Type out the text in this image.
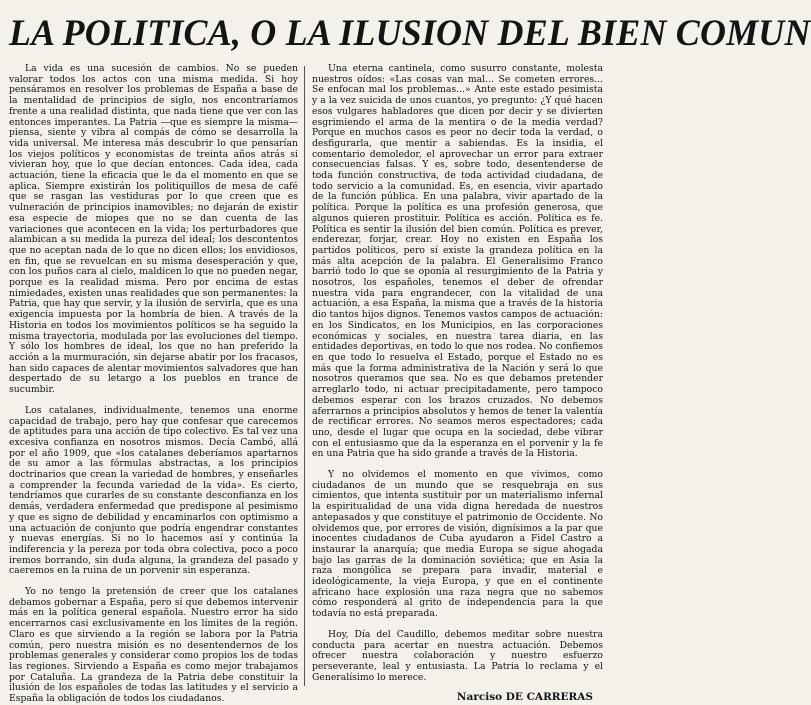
LA POLITICA, O LA ILUSION DEL BIEN COMUN

La vida es una sucesión de cambios. No se pueden valorar todos los actos con una misma medida. Si hoy pensáramos en resolver los problemas de España a base de la mentalidad de principios de siglo, nos encontraríamos frente a una realidad distinta, que nada tiene que ver con las entonces imperantes. La Patria —que es siempre la misma— piensa, siente y vibra al compás de cómo se desarrolla la vida universal. Me interesa más descubrir lo que pensarían los viejos políticos y economistas de treinta años atrás si vivieran hoy, que lo que decían entonces. Cada idea, cada actuación, tiene la eficacia que le da el momento en que se aplica. Siempre existirán los politiquillos de mesa de café que se rasgan las vestiduras por lo que creen que es vulneración de principios inamovibles; no dejarán de existir esa especie de miopes que no se dan cuenta de las variaciones que acontecen en la vida; los perturbadores que alambican a su medida la pureza del ideal; los descontentos que no aceptan nada de lo que no dicen ellos; los envidiosos, en fin, que se revuelcan en su misma desesperación y que, con los puños cara al cielo, maldicen lo que no pueden negar, porque es la realidad misma. Pero por encima de estas nimiedades, existen unas realidades que son permanentes: la Patria, que hay que servir, y la ilusión de servirla, que es una exigencia impuesta por la hombría de bien. A través de la Historia en todos los movimientos políticos se ha seguido la misma trayectoria, modulada por las evoluciones del tiempo. Y sólo los hombres de ideal, los que no han preferido la acción a la murmuración, sin dejarse abatir por los fracasos, han sido capaces de alentar movimientos salvadores que han despertado de su letargo a los pueblos en trance de sucumbir.

Los catalanes, individualmente, tenemos una enorme capacidad de trabajo, pero hay que confesar que carecemos de aptitudes para una acción de tipo colectivo. Es tal vez una excesiva confianza en nosotros mismos. Decía Cambó, allá por el año 1909, que «los catalanes deberíamos apartarnos de su amor a las fórmulas abstractas, a los principios doctrinarios que crean la variedad de hombres, y enseñarles a comprender la fecunda variedad de la vida». Es cierto, tendríamos que curarles de su constante desconfianza en los demás, verdadera enfermedad que predispone al pesimismo y que es signo de debilidad y encaminarlos con optimismo a una actuación de conjunto que podría engendrar constantes y nuevas energías. Si no lo hacemos así y continúa la indiferencia y la pereza por toda obra colectiva, poco a poco iremos borrando, sin duda alguna, la grandeza del pasado y caeremos en la ruina de un porvenir sin esperanza.

Yo no tengo la pretensión de creer que los catalanes debamos gobernar a España, pero sí que debemos intervenir más en la política general española. Nuestro error ha sido encerrarnos casi exclusivamente en los límites de la región. Claro es que sirviendo a la región se labora por la Patria común, pero nuestra misión es no desentendernos de los problemas generales y considerar como propios los de todas las regiones. Sirviendo a España es como mejor trabajamos por Cataluña. La grandeza de la Patria debe constituir la ilusión de los españoles de todas las latitudes y el servicio a España la obligación de todos los ciudadanos.

Una eterna cantinela, como susurro constante, molesta nuestros oídos: «Las cosas van mal... Se cometen errores... Se enfocan mal los problemas...» Ante este estado pesimista y a la vez suicida de unos cuantos, yo pregunto: ¿Y qué hacen esos vulgares habladores que dicen por decir y se divierten esgrimiendo el arma de la mentira o de la media verdad? Porque en muchos casos es peor no decir toda la verdad, o desfigurarla, que mentir a sabiendas. Es la insidia, el comentario demoledor, el aprovechar un error para extraer consecuencias falsas. Y es, sobre todo, desentenderse de toda función constructiva, de toda actividad ciudadana, de todo servicio a la comunidad. Es, en esencia, vivir apartado de la función pública. En una palabra, vivir apartado de la política. Porque la política es una profesión generosa, que algunos quieren prostituir. Política es acción. Política es fe. Política es sentir la ilusión del bien común. Política es prever, enderezar, forjar, crear. Hoy no existen en España los partidos políticos, pero sí existe la grandeza política en la más alta acepción de la palabra. El Generalísimo Franco barrió todo lo que se oponía al resurgimiento de la Patria y nosotros, los españoles, tenemos el deber de ofrendar nuestra vida para engrandecer, con la vitalidad de una actuación, a esa España, la misma que a través de la historia dio tantos hijos dignos. Tenemos vastos campos de actuación: en los Sindicatos, en los Municipios, en las corporaciones económicas y sociales, en nuestra tarea diaria, en las entidades deportivas, en todo lo que nos rodea. No confiemos en que todo lo resuelva el Estado, porque el Estado no es más que la forma administrativa de la Nación y será lo que nosotros queramos que sea. No es que debamos pretender arreglarlo todo, ni actuar precipitadamente, pero tampoco debemos esperar con los brazos cruzados. No debemos aferrarnos a principios absolutos y hemos de tener la valentía de rectificar errores. No seamos meros espectadores; cada uno, desde el lugar que ocupa en la sociedad, debe vibrar con el entusiasmo que da la esperanza en el porvenir y la fe en una Patria que ha sido grande a través de la Historia.

Y no olvidemos el momento en que vivimos, como ciudadanos de un mundo que se resquebraja en sus cimientos, que intenta sustituir por un materialismo infernal la espiritualidad de una vida digna heredada de nuestros antepasados y que constituye el patrimonio de Occidente. No olvidemos que, por errores de visión, dignísimos a la par que inocentes ciudadanos de Cuba ayudaron a Fidel Castro a instaurar la anarquía; que media Europa se sigue ahogada bajo las garras de la dominación soviética; que en Asia la raza mongólica se prepara para invadir, material e ideológicamente, la vieja Europa, y que en el continente africano hace explosión una raza negra que no sabemos cómo responderá al grito de independencia para la que todavía no está preparada.

Hoy, Día del Caudillo, debemos meditar sobre nuestra conducta para acertar en nuestra actuación. Debemos ofrecer nuestra colaboración y nuestro esfuerzo perseverante, leal y entusiasta. La Patria lo reclama y el Generalísimo lo merece.

Narciso DE CARRERAS
